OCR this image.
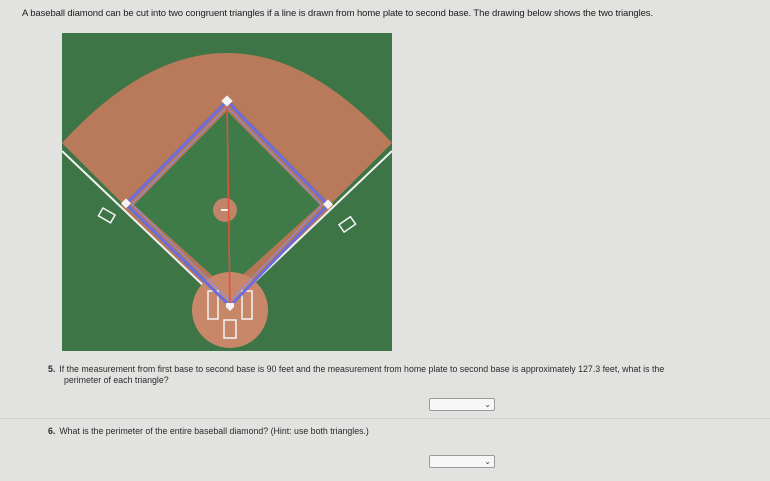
A baseball diamond can be cut into two congruent triangles if a line is drawn from home plate to second base. The drawing below shows the two triangles.
5. If the measurement from first base to second base is 90 feet and the measurement from home plate to second base is approximately 127.3 feet, what is the
perimeter of each triangle?
⌄
6. What is the perimeter of the entire baseball diamond? (Hint: use both triangles.)
⌄
